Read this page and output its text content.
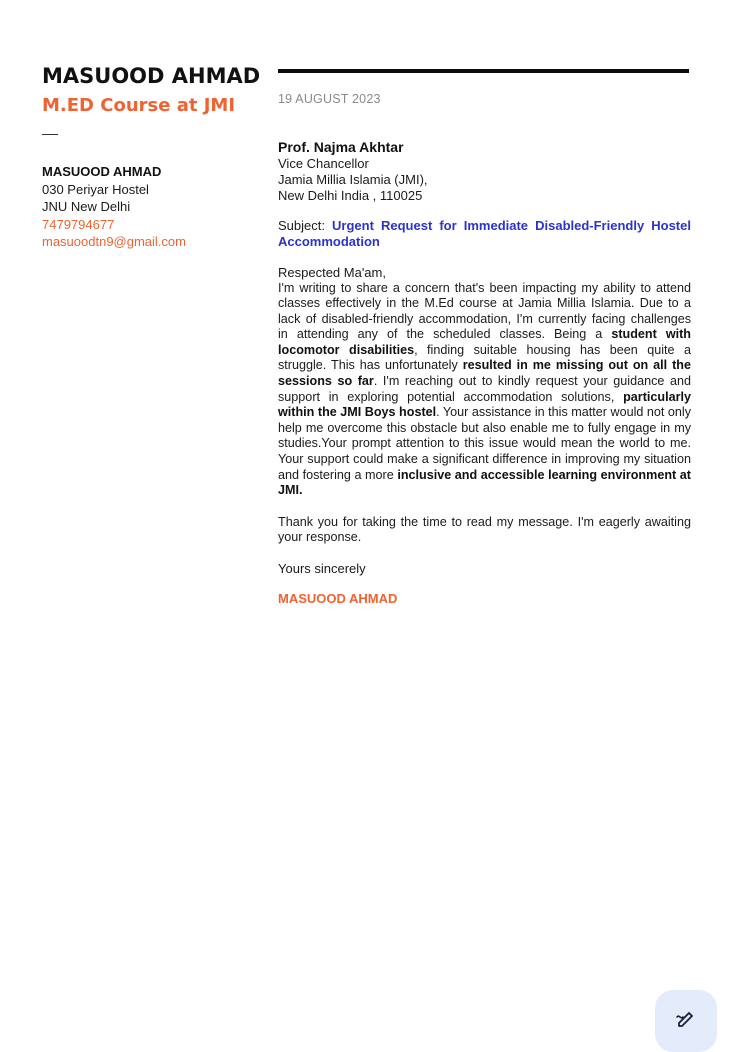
MASUOOD AHMAD
M.ED Course at JMI
MASUOOD AHMAD
030 Periyar Hostel
JNU New Delhi
7479794677
masuoodtn9@gmail.com
19 AUGUST 2023
Prof. Najma Akhtar
Vice Chancellor
Jamia Millia Islamia (JMI),
New Delhi India , 110025
Subject: Urgent Request for Immediate Disabled-Friendly Hostel Accommodation
Respected Ma'am,

I'm writing to share a concern that's been impacting my ability to attend classes effectively in the M.Ed course at Jamia Millia Islamia. Due to a lack of disabled-friendly accommodation, I'm currently facing challenges in attending any of the scheduled classes. Being a student with locomotor disabilities, finding suitable housing has been quite a struggle. This has unfortunately resulted in me missing out on all the sessions so far. I'm reaching out to kindly request your guidance and support in exploring potential accommodation solutions, particularly within the JMI Boys hostel. Your assistance in this matter would not only help me overcome this obstacle but also enable me to fully engage in my studies.Your prompt attention to this issue would mean the world to me. Your support could make a significant difference in improving my situation and fostering a more inclusive and accessible learning environment at JMI.

Thank you for taking the time to read my message. I'm eagerly awaiting your response.
Yours sincerely
MASUOOD AHMAD
